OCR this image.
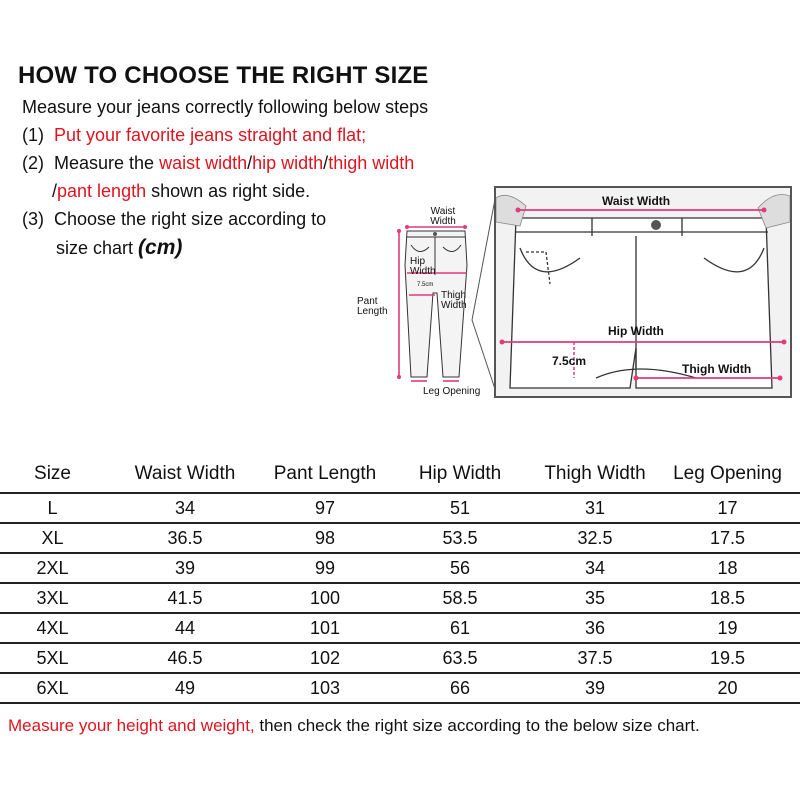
HOW TO CHOOSE THE RIGHT SIZE
Measure your jeans correctly following below steps
(1) Put your favorite jeans straight and flat;
(2) Measure the waist width/hip width/thigh width
/pant length shown as right side.
(3) Choose the right size according to
size chart (cm)
Waist Width
Hip Width
7.5cm
Pant Length
Thigh Width
Leg Opening
Waist Width
Hip Width
7.5cm
Thigh Width
Size	Waist Width	Pant Length	Hip Width	Thigh Width	Leg Opening
L	34	97	51	31	17
XL	36.5	98	53.5	32.5	17.5
2XL	39	99	56	34	18
3XL	41.5	100	58.5	35	18.5
4XL	44	101	61	36	19
5XL	46.5	102	63.5	37.5	19.5
6XL	49	103	66	39	20
Measure your height and weight, then check the right size according to the below size chart.
